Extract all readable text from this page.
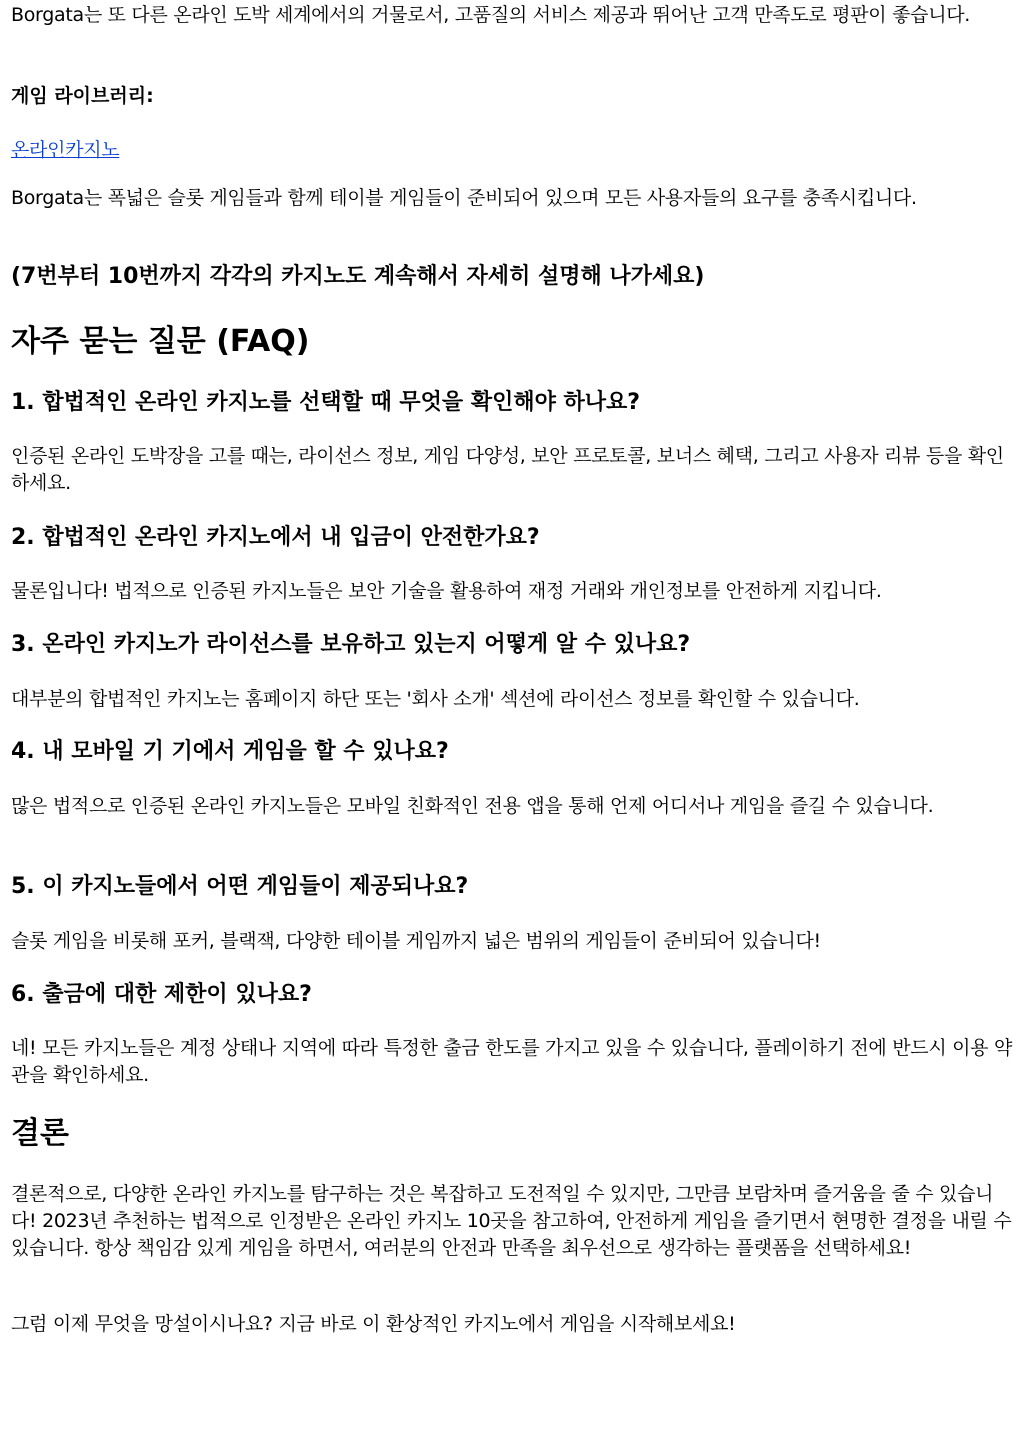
Borgata는 또 다른 온라인 도박 세계에서의 거물로서, 고품질의 서비스 제공과 뛰어난 고객 만족도로 평판이 좋습니다.

게임 라이브러리:

온라인카지노

Borgata는 폭넓은 슬롯 게임들과 함께 테이블 게임들이 준비되어 있으며 모든 사용자들의 요구를 충족시킵니다.

(7번부터 10번까지 각각의 카지노도 계속해서 자세히 설명해 나가세요)

자주 묻는 질문 (FAQ)
1. 합법적인 온라인 카지노를 선택할 때 무엇을 확인해야 하나요?

인증된 온라인 도박장을 고를 때는, 라이선스 정보, 게임 다양성, 보안 프로토콜, 보너스 혜택, 그리고 사용자 리뷰 등을 확인하세요.

2. 합법적인 온라인 카지노에서 내 입금이 안전한가요?

물론입니다! 법적으로 인증된 카지노들은 보안 기술을 활용하여 재정 거래와 개인정보를 안전하게 지킵니다.

3. 온라인 카지노가 라이선스를 보유하고 있는지 어떻게 알 수 있나요?

대부분의 합법적인 카지노는 홈페이지 하단 또는 '회사 소개' 섹션에 라이선스 정보를 확인할 수 있습니다.

4. 내 모바일 기 기에서 게임을 할 수 있나요?

많은 법적으로 인증된 온라인 카지노들은 모바일 친화적인 전용 앱을 통해 언제 어디서나 게임을 즐길 수 있습니다.

5. 이 카지노들에서 어떤 게임들이 제공되나요?

슬롯 게임을 비롯해 포커, 블랙잭, 다양한 테이블 게임까지 넓은 범위의 게임들이 준비되어 있습니다!

6. 출금에 대한 제한이 있나요?

네! 모든 카지노들은 계정 상태나 지역에 따라 특정한 출금 한도를 가지고 있을 수 있습니다, 플레이하기 전에 반드시 이용 약관을 확인하세요.

결론

결론적으로, 다양한 온라인 카지노를 탐구하는 것은 복잡하고 도전적일 수 있지만, 그만큼 보람차며 즐거움을 줄 수 있습니다! 2023년 추천하는 법적으로 인정받은 온라인 카지노 10곳을 참고하여, 안전하게 게임을 즐기면서 현명한 결정을 내릴 수 있습니다. 항상 책임감 있게 게임을 하면서, 여러분의 안전과 만족을 최우선으로 생각하는 플랫폼을 선택하세요!

그럼 이제 무엇을 망설이시나요? 지금 바로 이 환상적인 카지노에서 게임을 시작해보세요!
